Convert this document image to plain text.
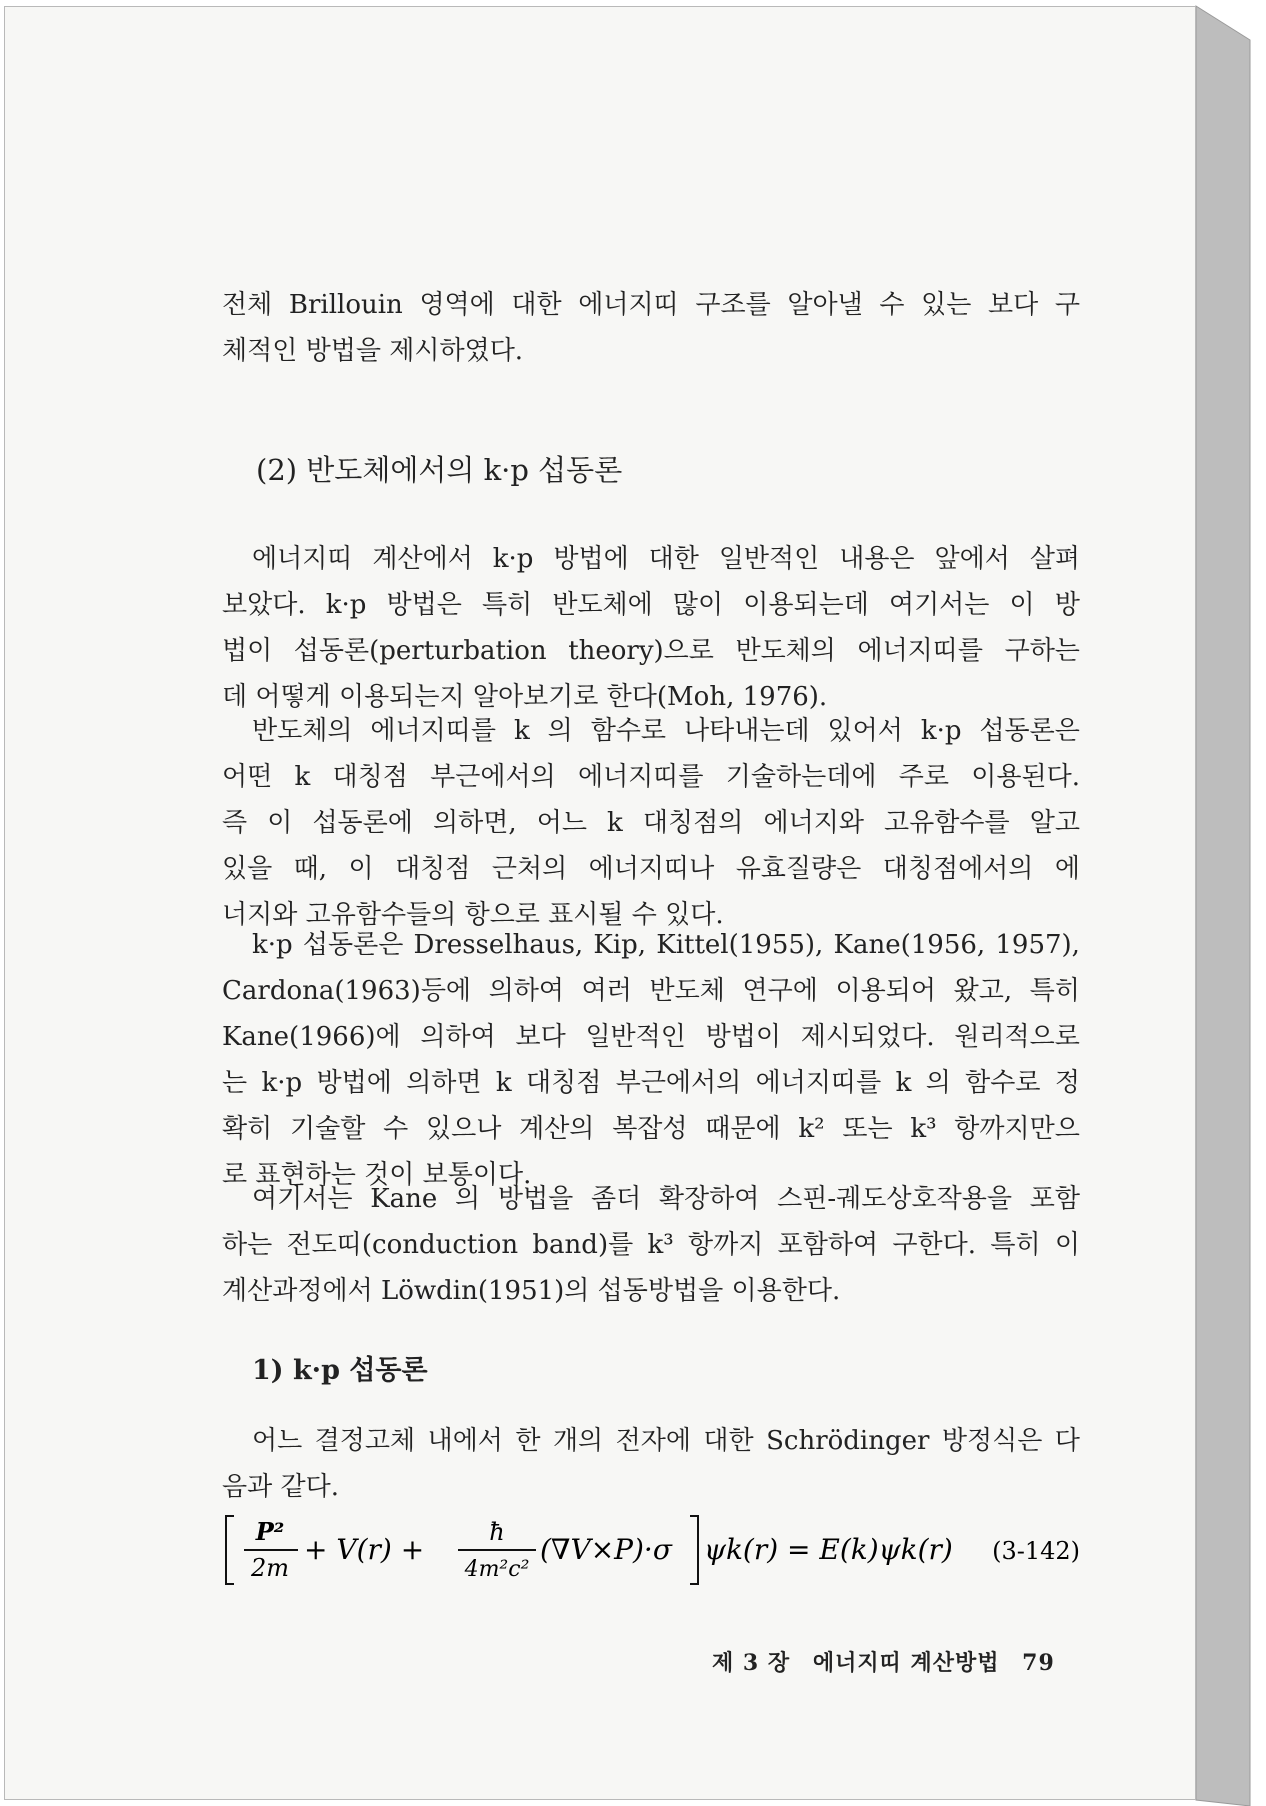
전체 Brillouin 영역에 대한 에너지띠 구조를 알아낼 수 있는 보다 구
체적인 방법을 제시하였다.
(2) 반도체에서의 k·p 섭동론
에너지띠 계산에서 k·p 방법에 대한 일반적인 내용은 앞에서 살펴
보았다. k·p 방법은 특히 반도체에 많이 이용되는데 여기서는 이 방
법이 섭동론(perturbation theory)으로 반도체의 에너지띠를 구하는
데 어떻게 이용되는지 알아보기로 한다(Moh, 1976).
반도체의 에너지띠를 k 의 함수로 나타내는데 있어서 k·p 섭동론은
어떤 k 대칭점 부근에서의 에너지띠를 기술하는데에 주로 이용된다.
즉 이 섭동론에 의하면, 어느 k 대칭점의 에너지와 고유함수를 알고
있을 때, 이 대칭점 근처의 에너지띠나 유효질량은 대칭점에서의 에
너지와 고유함수들의 항으로 표시될 수 있다.
k·p 섭동론은 Dresselhaus, Kip, Kittel(1955), Kane(1956, 1957),
Cardona(1963)등에 의하여 여러 반도체 연구에 이용되어 왔고, 특히
Kane(1966)에 의하여 보다 일반적인 방법이 제시되었다. 원리적으로
는 k·p 방법에 의하면 k 대칭점 부근에서의 에너지띠를 k 의 함수로 정
확히 기술할 수 있으나 계산의 복잡성 때문에 k² 또는 k³ 항까지만으
로 표현하는 것이 보통이다.
여기서는 Kane 의 방법을 좀더 확장하여 스핀-궤도상호작용을 포함
하는 전도띠(conduction band)를 k³ 항까지 포함하여 구한다. 특히 이
계산과정에서 Löwdin(1951)의 섭동방법을 이용한다.
1) k·p 섭동론
어느 결정고체 내에서 한 개의 전자에 대한 Schrödinger 방정식은 다
음과 같다.
P²
2m
+ V(r) +
ħ
4m²c²
(∇V×P)·σ ψk(r) = E(k)ψk(r) (3-142)
제 3 장 에너지띠 계산방법 79
